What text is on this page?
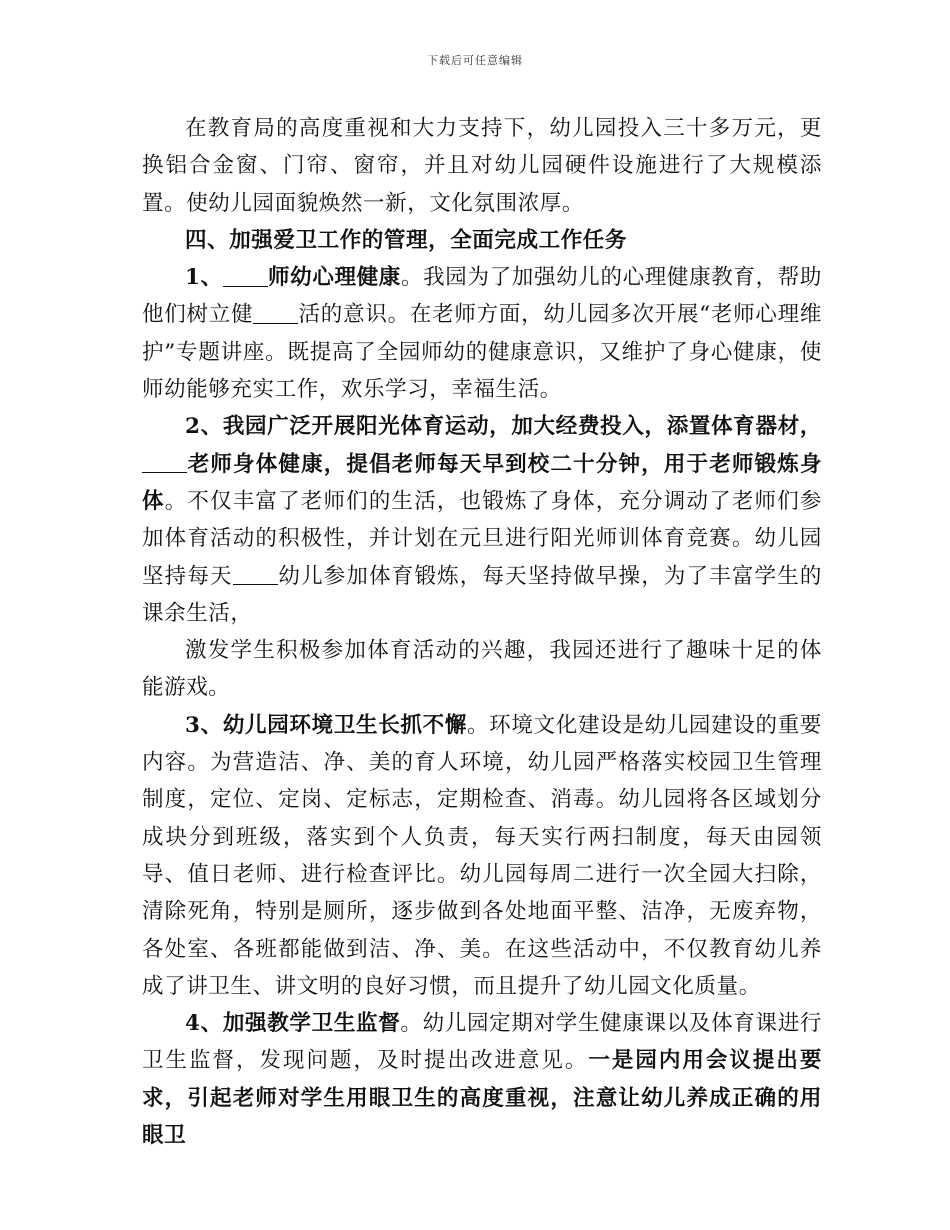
下载后可任意编辑

在教育局的高度重视和大力支持下，幼儿园投入三十多万元，更换铝合金窗、门帘、窗帘，并且对幼儿园硬件设施进行了大规模添置。使幼儿园面貌焕然一新，文化氛围浓厚。

四、加强爱卫工作的管理，全面完成工作任务

1、 师幼心理健康。我园为了加强幼儿的心理健康教育，帮助他们树立健 活的意识。在老师方面，幼儿园多次开展“老师心理维护”专题讲座。既提高了全园师幼的健康意识，又维护了身心健康，使师幼能够充实工作，欢乐学习，幸福生活。

2、我园广泛开展阳光体育运动，加大经费投入，添置体育器材，老师身体健康，提倡老师每天早到校二十分钟，用于老师锻炼身体。不仅丰富了老师们的生活，也锻炼了身体，充分调动了老师们参加体育活动的积极性，并计划在元旦进行阳光师训体育竞赛。幼儿园坚持每天 幼儿参加体育锻炼，每天坚持做早操，为了丰富学生的课余生活，

激发学生积极参加体育活动的兴趣，我园还进行了趣味十足的体能游戏。

3、幼儿园环境卫生长抓不懈。环境文化建设是幼儿园建设的重要内容。为营造洁、净、美的育人环境，幼儿园严格落实校园卫生管理制度，定位、定岗、定标志，定期检查、消毒。幼儿园将各区域划分成块分到班级，落实到个人负责，每天实行两扫制度，每天由园领导、值日老师、进行检查评比。幼儿园每周二进行一次全园大扫除，清除死角，特别是厕所，逐步做到各处地面平整、洁净，无废弃物，各处室、各班都能做到洁、净、美。在这些活动中，不仅教育幼儿养成了讲卫生、讲文明的良好习惯，而且提升了幼儿园文化质量。

4、加强教学卫生监督。幼儿园定期对学生健康课以及体育课进行卫生监督，发现问题，及时提出改进意见。一是园内用会议提出要求，引起老师对学生用眼卫生的高度重视，注意让幼儿养成正确的用眼卫
